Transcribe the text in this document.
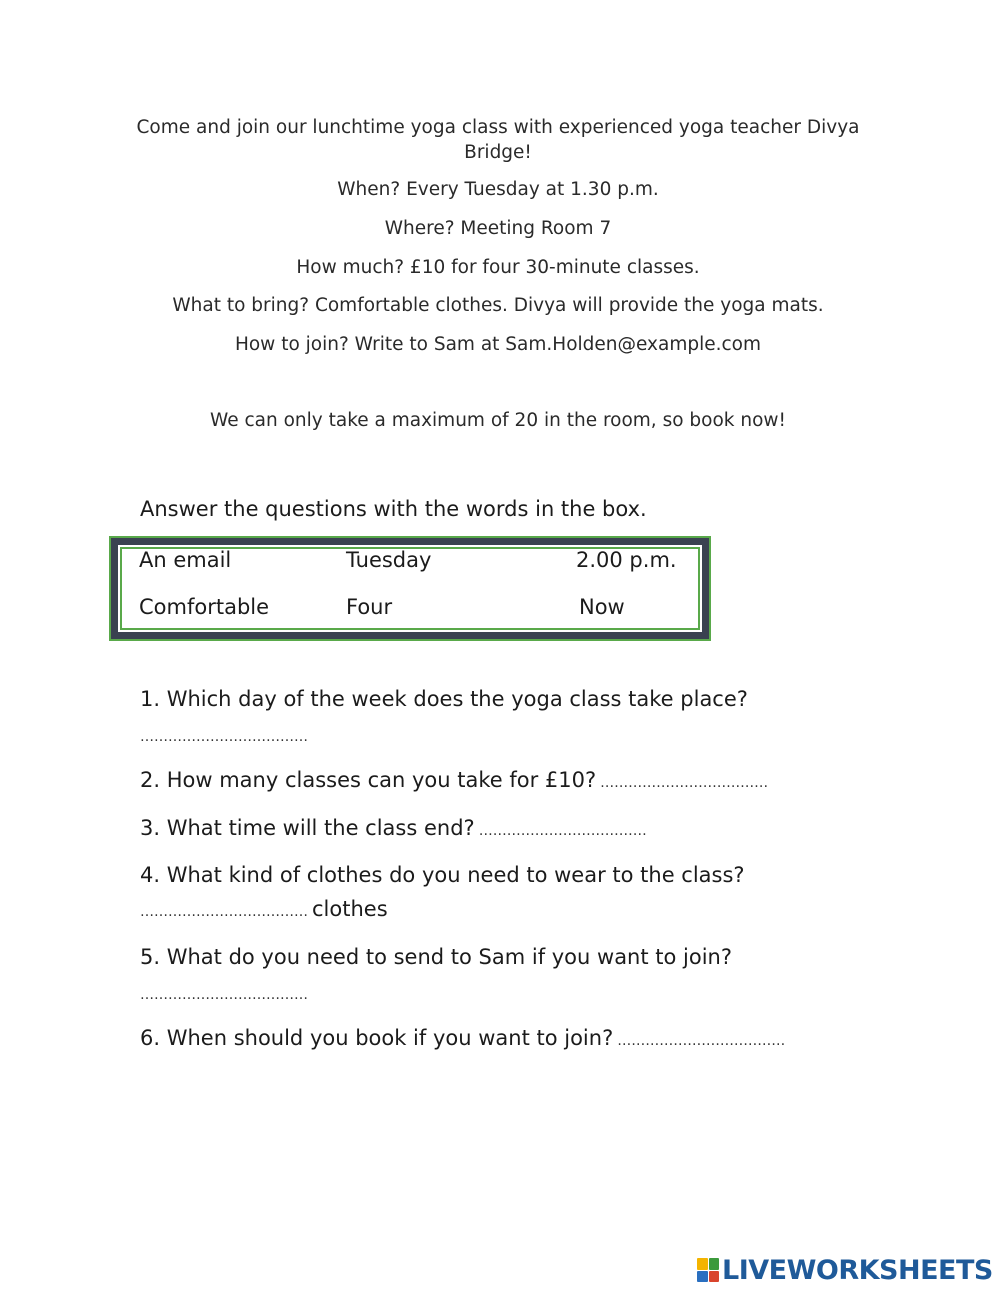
Come and join our lunchtime yoga class with experienced yoga teacher Divya Bridge!

When? Every Tuesday at 1.30 p.m.

Where? Meeting Room 7

How much? £10 for four 30-minute classes.

What to bring? Comfortable clothes. Divya will provide the yoga mats.

How to join? Write to Sam at Sam.Holden@example.com

We can only take a maximum of 20 in the room, so book now!

Answer the questions with the words in the box.

An email	Tuesday	2.00 p.m.

Comfortable	Four	Now

1. Which day of the week does the yoga class take place?

………………………………

2. How many classes can you take for £10? ………………………………

3. What time will the class end? ………………………………

4. What kind of clothes do you need to wear to the class?

……………………………… clothes

5. What do you need to send to Sam if you want to join?

………………………………

6. When should you book if you want to join? ………………………………

LIVEWORKSHEETS
